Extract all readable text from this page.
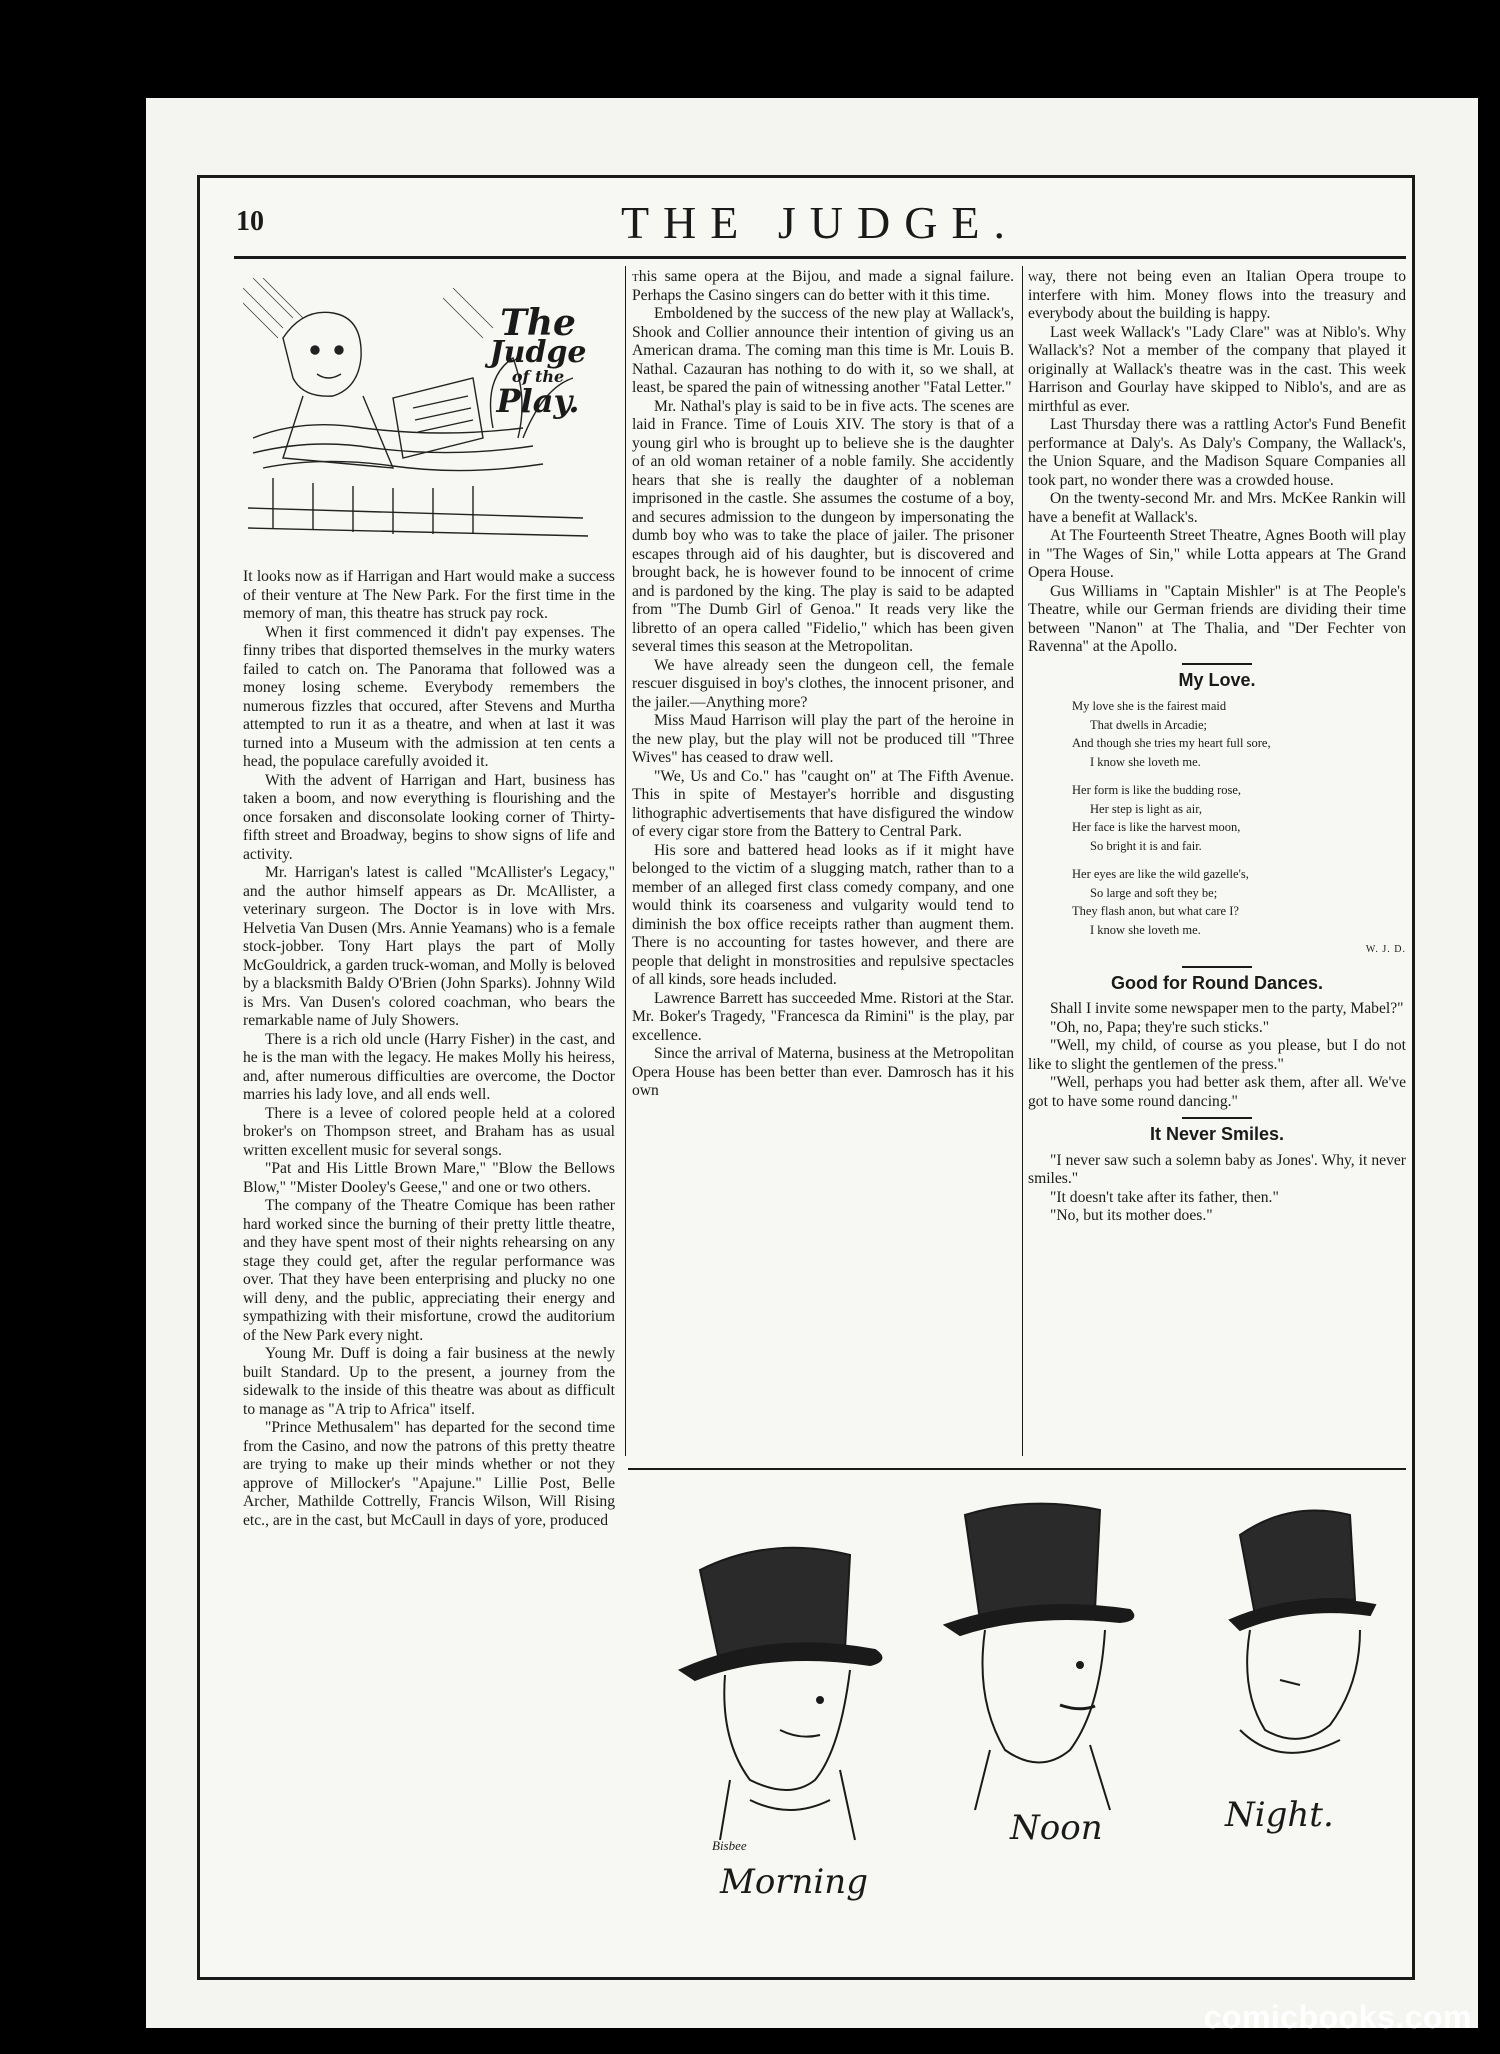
10	THE JUDGE.
The
Judge
of the
Play.

It looks now as if Harrigan and Hart would make a success of their venture at The New Park. For the first time in the memory of man, this theatre has struck pay rock.

When it first commenced it didn't pay expenses. The finny tribes that disported themselves in the murky waters failed to catch on. The Panorama that followed was a money losing scheme. Everybody remembers the numerous fizzles that occured, after Stevens and Murtha attempted to run it as a theatre, and when at last it was turned into a Museum with the admission at ten cents a head, the populace carefully avoided it.

With the advent of Harrigan and Hart, business has taken a boom, and now everything is flourishing and the once forsaken and disconsolate looking corner of Thirty-fifth street and Broadway, begins to show signs of life and activity.

Mr. Harrigan's latest is called "McAllister's Legacy," and the author himself appears as Dr. McAllister, a veterinary surgeon. The Doctor is in love with Mrs. Helvetia Van Dusen (Mrs. Annie Yeamans) who is a female stock-jobber. Tony Hart plays the part of Molly McGouldrick, a garden truck-woman, and Molly is beloved by a blacksmith Baldy O'Brien (John Sparks). Johnny Wild is Mrs. Van Dusen's colored coachman, who bears the remarkable name of July Showers.

There is a rich old uncle (Harry Fisher) in the cast, and he is the man with the legacy. He makes Molly his heiress, and, after numerous difficulties are overcome, the Doctor marries his lady love, and all ends well.

There is a levee of colored people held at a colored broker's on Thompson street, and Braham has as usual written excellent music for several songs.

"Pat and His Little Brown Mare," "Blow the Bellows Blow," "Mister Dooley's Geese," and one or two others.

The company of the Theatre Comique has been rather hard worked since the burning of their pretty little theatre, and they have spent most of their nights rehearsing on any stage they could get, after the regular performance was over. That they have been enterprising and plucky no one will deny, and the public, appreciating their energy and sympathizing with their misfortune, crowd the auditorium of the New Park every night.

Young Mr. Duff is doing a fair business at the newly built Standard. Up to the present, a journey from the sidewalk to the inside of this theatre was about as difficult to manage as "A trip to Africa" itself.

"Prince Methusalem" has departed for the second time from the Casino, and now the patrons of this pretty theatre are trying to make up their minds whether or not they approve of Millocker's "Apajune." Lillie Post, Belle Archer, Mathilde Cottrelly, Francis Wilson, Will Rising etc., are in the cast, but McCaull in days of yore, produced

this same opera at the Bijou, and made a signal failure. Perhaps the Casino singers can do better with it this time.

Emboldened by the success of the new play at Wallack's, Shook and Collier announce their intention of giving us an American drama. The coming man this time is Mr. Louis B. Nathal. Cazauran has nothing to do with it, so we shall, at least, be spared the pain of witnessing another "Fatal Letter."

Mr. Nathal's play is said to be in five acts. The scenes are laid in France. Time of Louis XIV. The story is that of a young girl who is brought up to believe she is the daughter of an old woman retainer of a noble family. She accidently hears that she is really the daughter of a nobleman imprisoned in the castle. She assumes the costume of a boy, and secures admission to the dungeon by impersonating the dumb boy who was to take the place of jailer. The prisoner escapes through aid of his daughter, but is discovered and brought back, he is however found to be innocent of crime and is pardoned by the king. The play is said to be adapted from "The Dumb Girl of Genoa." It reads very like the libretto of an opera called "Fidelio," which has been given several times this season at the Metropolitan.

We have already seen the dungeon cell, the female rescuer disguised in boy's clothes, the innocent prisoner, and the jailer.—Anything more?

Miss Maud Harrison will play the part of the heroine in the new play, but the play will not be produced till "Three Wives" has ceased to draw well.

"We, Us and Co." has "caught on" at The Fifth Avenue. This in spite of Mestayer's horrible and disgusting lithographic advertisements that have disfigured the window of every cigar store from the Battery to Central Park.

His sore and battered head looks as if it might have belonged to the victim of a slugging match, rather than to a member of an alleged first class comedy company, and one would think its coarseness and vulgarity would tend to diminish the box office receipts rather than augment them. There is no accounting for tastes however, and there are people that delight in monstrosities and repulsive spectacles of all kinds, sore heads included.

Lawrence Barrett has succeeded Mme. Ristori at the Star. Mr. Boker's Tragedy, "Francesca da Rimini" is the play, par excellence.

Since the arrival of Materna, business at the Metropolitan Opera House has been better than ever. Damrosch has it his own

way, there not being even an Italian Opera troupe to interfere with him. Money flows into the treasury and everybody about the building is happy.

Last week Wallack's "Lady Clare" was at Niblo's. Why Wallack's? Not a member of the company that played it originally at Wallack's theatre was in the cast. This week Harrison and Gourlay have skipped to Niblo's, and are as mirthful as ever.

Last Thursday there was a rattling Actor's Fund Benefit performance at Daly's. As Daly's Company, the Wallack's, the Union Square, and the Madison Square Companies all took part, no wonder there was a crowded house.

On the twenty-second Mr. and Mrs. McKee Rankin will have a benefit at Wallack's.

At The Fourteenth Street Theatre, Agnes Booth will play in "The Wages of Sin," while Lotta appears at The Grand Opera House.

Gus Williams in "Captain Mishler" is at The People's Theatre, while our German friends are dividing their time between "Nanon" at The Thalia, and "Der Fechter von Ravenna" at the Apollo.

My Love.
My love she is the fairest maid
That dwells in Arcadie;
And though she tries my heart full sore,
I know she loveth me.
Her form is like the budding rose,
Her step is light as air,
Her face is like the harvest moon,
So bright it is and fair.
Her eyes are like the wild gazelle's,
So large and soft they be;
They flash anon, but what care I?
I know she loveth me.
W. J. D.
Good for Round Dances.

Shall I invite some newspaper men to the party, Mabel?"

"Oh, no, Papa; they're such sticks."

"Well, my child, of course as you please, but I do not like to slight the gentlemen of the press."

"Well, perhaps you had better ask them, after all. We've got to have some round dancing."

It Never Smiles.

"I never saw such a solemn baby as Jones'. Why, it never smiles."

"It doesn't take after its father, then."

"No, but its mother does."

Bisbee
Morning
Noon	Night.
comicbooks.com
